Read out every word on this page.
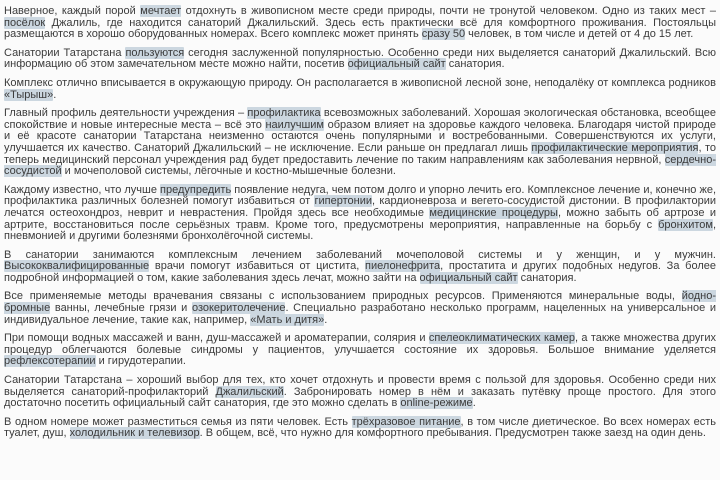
Наверное, каждый порой мечтает отдохнуть в живописном месте среди природы, почти не тронутой человеком. Одно из таких мест – посёлок Джалиль, где находится санаторий Джалильский. Здесь есть практически всё для комфортного проживания. Постояльцы размещаются в хорошо оборудованных номерах. Всего комплекс может принять сразу 50 человек, в том числе и детей от 4 до 15 лет.

Санатории Татарстана пользуются сегодня заслуженной популярностью. Особенно среди них выделяется санаторий Джалильский. Всю информацию об этом замечательном месте можно найти, посетив официальный сайт санатория.

Комплекс отлично вписывается в окружающую природу. Он располагается в живописной лесной зоне, неподалёку от комплекса родников «Тырыш».

Главный профиль деятельности учреждения – профилактика всевозможных заболеваний. Хорошая экологическая обстановка, всеобщее спокойствие и новые интересные места – всё это наилучшим образом влияет на здоровье каждого человека. Благодаря чистой природе и её красоте санатории Татарстана неизменно остаются очень популярными и востребованными. Совершенствуются их услуги, улучшается их качество. Санаторий Джалильский – не исключение. Если раньше он предлагал лишь профилактические мероприятия, то теперь медицинский персонал учреждения рад будет предоставить лечение по таким направлениям как заболевания нервной, сердечно-сосудистой и мочеполовой системы, лёгочные и костно-мышечные болезни.

Каждому известно, что лучше предупредить появление недуга, чем потом долго и упорно лечить его. Комплексное лечение и, конечно же, профилактика различных болезней помогут избавиться от гипертонии, кардионевроза и вегето-сосудистой дистонии. В профилактории лечатся остеохондроз, неврит и неврастения. Пройдя здесь все необходимые медицинские процедуры, можно забыть об артрозе и артрите, восстановиться после серьёзных травм. Кроме того, предусмотрены мероприятия, направленные на борьбу с бронхитом, пневмонией и другими болезнями бронхолёгочной системы.

В санатории занимаются комплексным лечением заболеваний мочеполовой системы и у женщин, и у мужчин. Высококвалифицированные врачи помогут избавиться от цистита, пиелонефрита, простатита и других подобных недугов. За более подробной информацией о том, какие заболевания здесь лечат, можно зайти на официальный сайт санатория.

Все применяемые методы врачевания связаны с использованием природных ресурсов. Применяются минеральные воды, йодно-бромные ванны, лечебные грязи и озокеритолечение. Специально разработано несколько программ, нацеленных на универсальное и индивидуальное лечение, такие как, например, «Мать и дитя».

При помощи водных массажей и ванн, душ-массажей и ароматерапии, солярия и спелеоклиматических камер, а также множества других процедур облегчаются болевые синдромы у пациентов, улучшается состояние их здоровья. Большое внимание уделяется рефлексотерапии и гирудотерапии.

Санатории Татарстана – хороший выбор для тех, кто хочет отдохнуть и провести время с пользой для здоровья. Особенно среди них выделяется санаторий-профилакторий Джалильский. Забронировать номер в нём и заказать путёвку проще простого. Для этого достаточно посетить официальный сайт санатория, где это можно сделать в online-режиме.

В одном номере может разместиться семья из пяти человек. Есть трёхразовое питание, в том числе диетическое. Во всех номерах есть туалет, душ, холодильник и телевизор. В общем, всё, что нужно для комфортного пребывания. Предусмотрен также заезд на один день.
